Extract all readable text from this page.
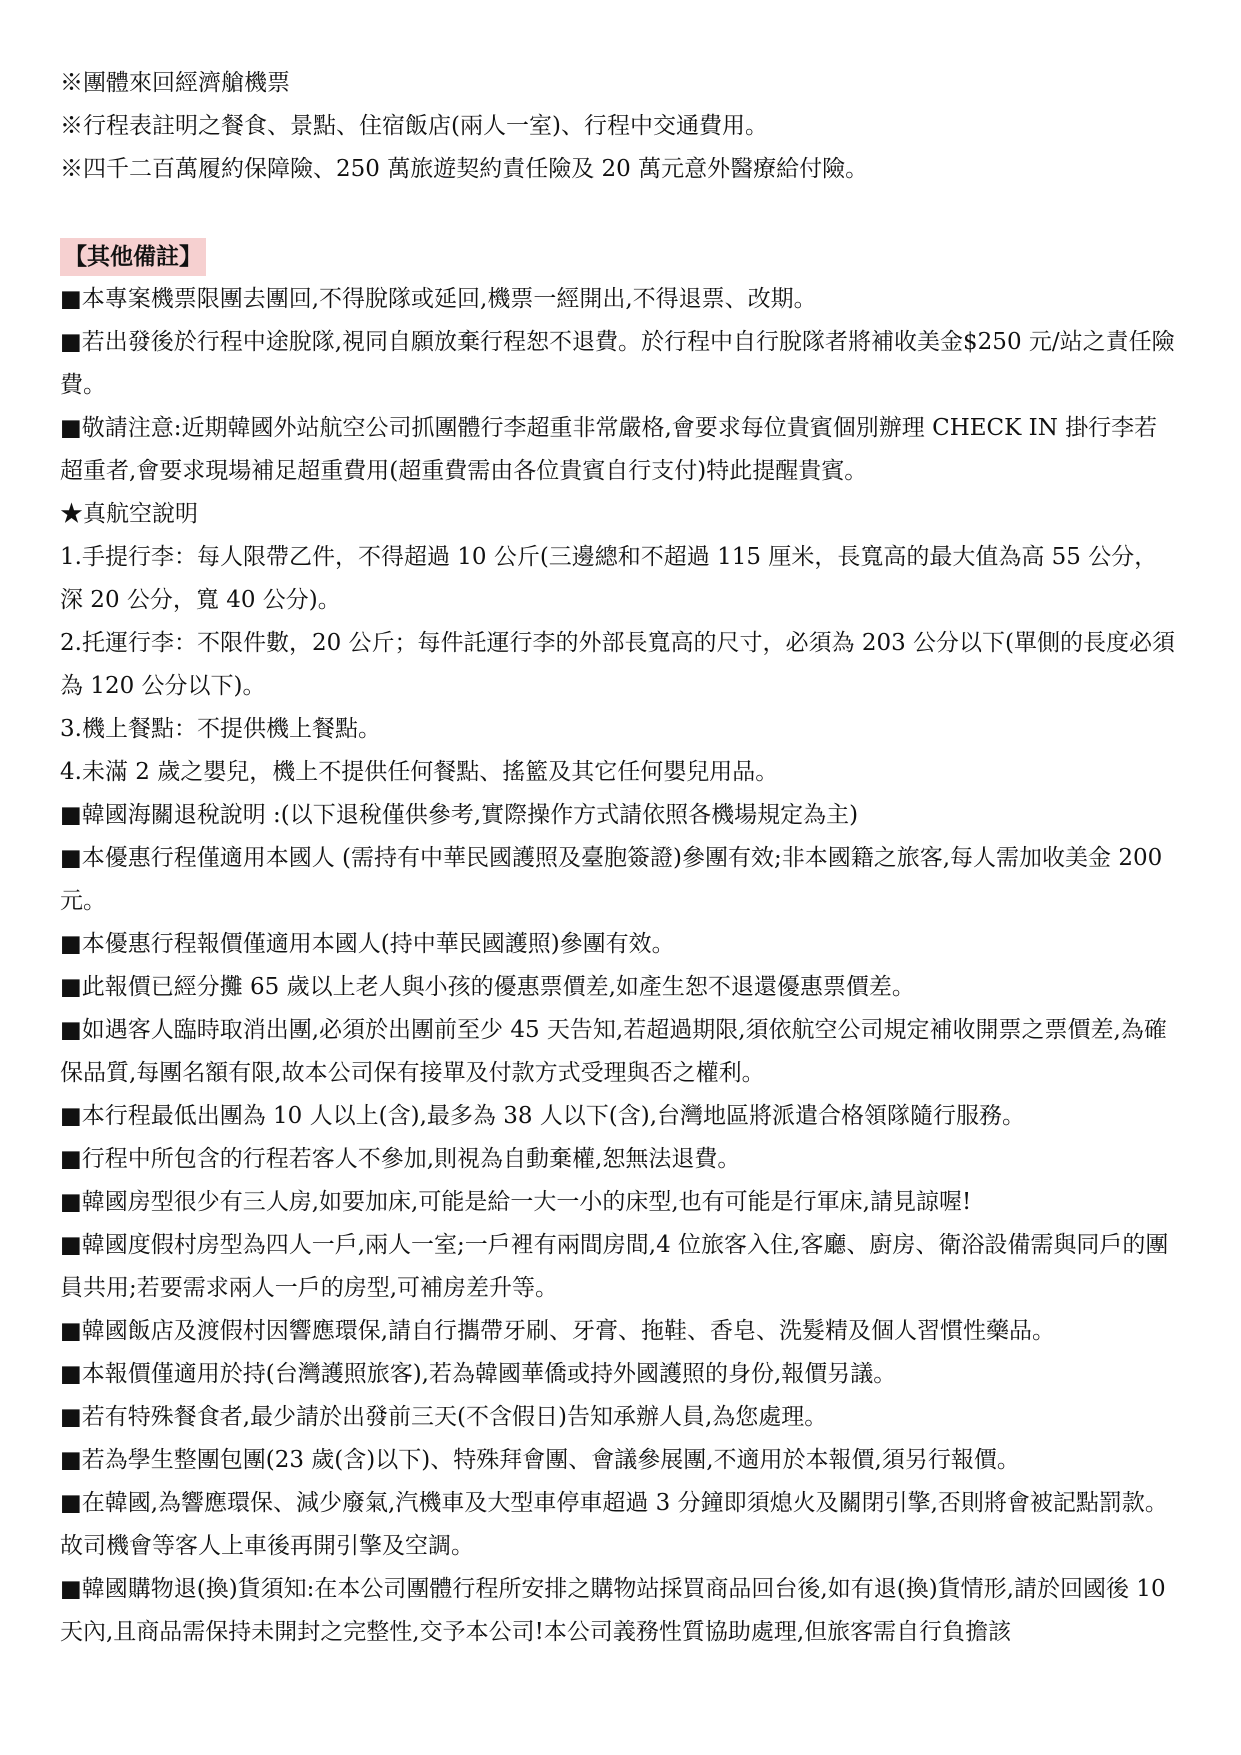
※團體來回經濟艙機票

※行程表註明之餐食、景點、住宿飯店(兩人一室)、行程中交通費用。

※四千二百萬履約保障險、250 萬旅遊契約責任險及 20 萬元意外醫療給付險。

【其他備註】

■本專案機票限團去團回,不得脫隊或延回,機票一經開出,不得退票、改期。

■若出發後於行程中途脫隊,視同自願放棄行程恕不退費。於行程中自行脫隊者將補收美金$250 元/站之責任險費。

■敬請注意:近期韓國外站航空公司抓團體行李超重非常嚴格,會要求每位貴賓個別辦理 CHECK IN 掛行李若超重者,會要求現場補足超重費用(超重費需由各位貴賓自行支付)特此提醒貴賓。

★真航空說明

1.手提行李：每人限帶乙件，不得超過 10 公斤(三邊總和不超過 115 厘米，長寬高的最大值為高 55 公分，深 20 公分，寬 40 公分)。

2.托運行李：不限件數，20 公斤；每件託運行李的外部長寬高的尺寸，必須為 203 公分以下(單側的長度必須為 120 公分以下)。

3.機上餐點：不提供機上餐點。

4.未滿 2 歲之嬰兒，機上不提供任何餐點、搖籃及其它任何嬰兒用品。

■韓國海關退稅說明 :(以下退稅僅供參考,實際操作方式請依照各機場規定為主)

■本優惠行程僅適用本國人 (需持有中華民國護照及臺胞簽證)參團有效;非本國籍之旅客,每人需加收美金 200 元。

■本優惠行程報價僅適用本國人(持中華民國護照)參團有效。

■此報價已經分攤 65 歲以上老人與小孩的優惠票價差,如產生恕不退還優惠票價差。

■如遇客人臨時取消出團,必須於出團前至少 45 天告知,若超過期限,須依航空公司規定補收開票之票價差,為確保品質,每團名額有限,故本公司保有接單及付款方式受理與否之權利。

■本行程最低出團為 10 人以上(含),最多為 38 人以下(含),台灣地區將派遣合格領隊隨行服務。

■行程中所包含的行程若客人不參加,則視為自動棄權,恕無法退費。

■韓國房型很少有三人房,如要加床,可能是給一大一小的床型,也有可能是行軍床,請見諒喔!

■韓國度假村房型為四人一戶,兩人一室;一戶裡有兩間房間,4 位旅客入住,客廳、廚房、衛浴設備需與同戶的團員共用;若要需求兩人一戶的房型,可補房差升等。

■韓國飯店及渡假村因響應環保,請自行攜帶牙刷、牙膏、拖鞋、香皂、洗髮精及個人習慣性藥品。

■本報價僅適用於持(台灣護照旅客),若為韓國華僑或持外國護照的身份,報價另議。

■若有特殊餐食者,最少請於出發前三天(不含假日)告知承辦人員,為您處理。

■若為學生整團包團(23 歲(含)以下)、特殊拜會團、會議參展團,不適用於本報價,須另行報價。

■在韓國,為響應環保、減少廢氣,汽機車及大型車停車超過 3 分鐘即須熄火及關閉引擎,否則將會被記點罰款。故司機會等客人上車後再開引擎及空調。

■韓國購物退(換)貨須知:在本公司團體行程所安排之購物站採買商品回台後,如有退(換)貨情形,請於回國後 10 天內,且商品需保持未開封之完整性,交予本公司!本公司義務性質協助處理,但旅客需自行負擔該
